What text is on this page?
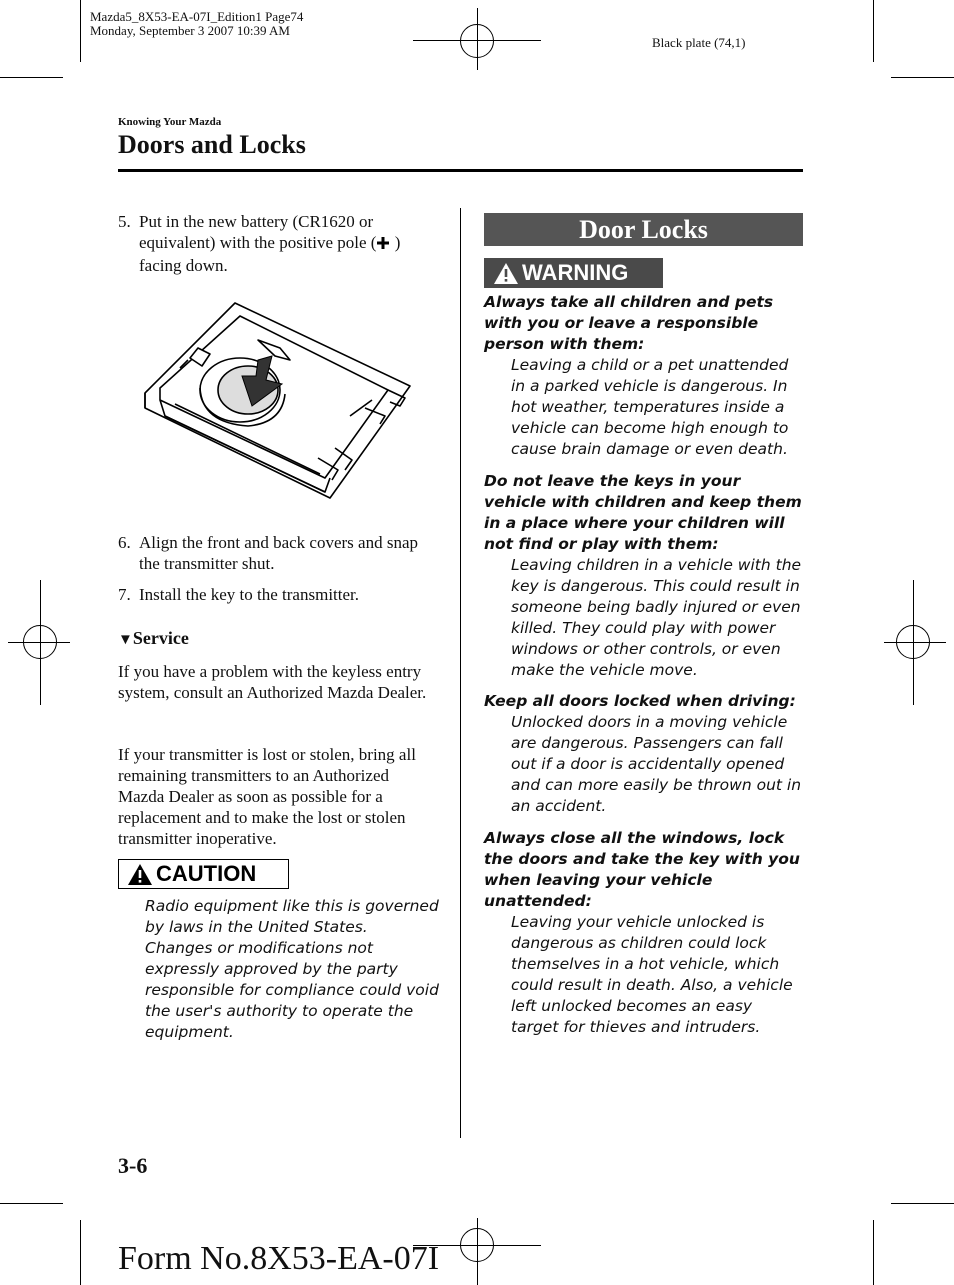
Mazda5_8X53-EA-07I_Edition1 Page74
Monday, September 3 2007 10:39 AM
Black plate (74,1)
Knowing Your Mazda
Doors and Locks
5. Put in the new battery (CR1620 or equivalent) with the positive pole ( ) facing down.
6. Align the front and back covers and snap the transmitter shut.
7. Install the key to the transmitter.
▼Service

If you have a problem with the keyless entry system, consult an Authorized Mazda Dealer.

If your transmitter is lost or stolen, bring all remaining transmitters to an Authorized Mazda Dealer as soon as possible for a replacement and to make the lost or stolen transmitter inoperative.

CAUTION
Radio equipment like this is governed by laws in the United States. Changes or modifications not expressly approved by the party responsible for compliance could void the user's authority to operate the equipment.
Door Locks
WARNING
Always take all children and pets with you or leave a responsible person with them:
Leaving a child or a pet unattended in a parked vehicle is dangerous. In hot weather, temperatures inside a vehicle can become high enough to cause brain damage or even death.
Do not leave the keys in your vehicle with children and keep them in a place where your children will not find or play with them:
Leaving children in a vehicle with the key is dangerous. This could result in someone being badly injured or even killed. They could play with power windows or other controls, or even make the vehicle move.
Keep all doors locked when driving:
Unlocked doors in a moving vehicle are dangerous. Passengers can fall out if a door is accidentally opened and can more easily be thrown out in an accident.
Always close all the windows, lock the doors and take the key with you when leaving your vehicle unattended:
Leaving your vehicle unlocked is dangerous as children could lock themselves in a hot vehicle, which could result in death. Also, a vehicle left unlocked becomes an easy target for thieves and intruders.
3-6
Form No.8X53-EA-07I
